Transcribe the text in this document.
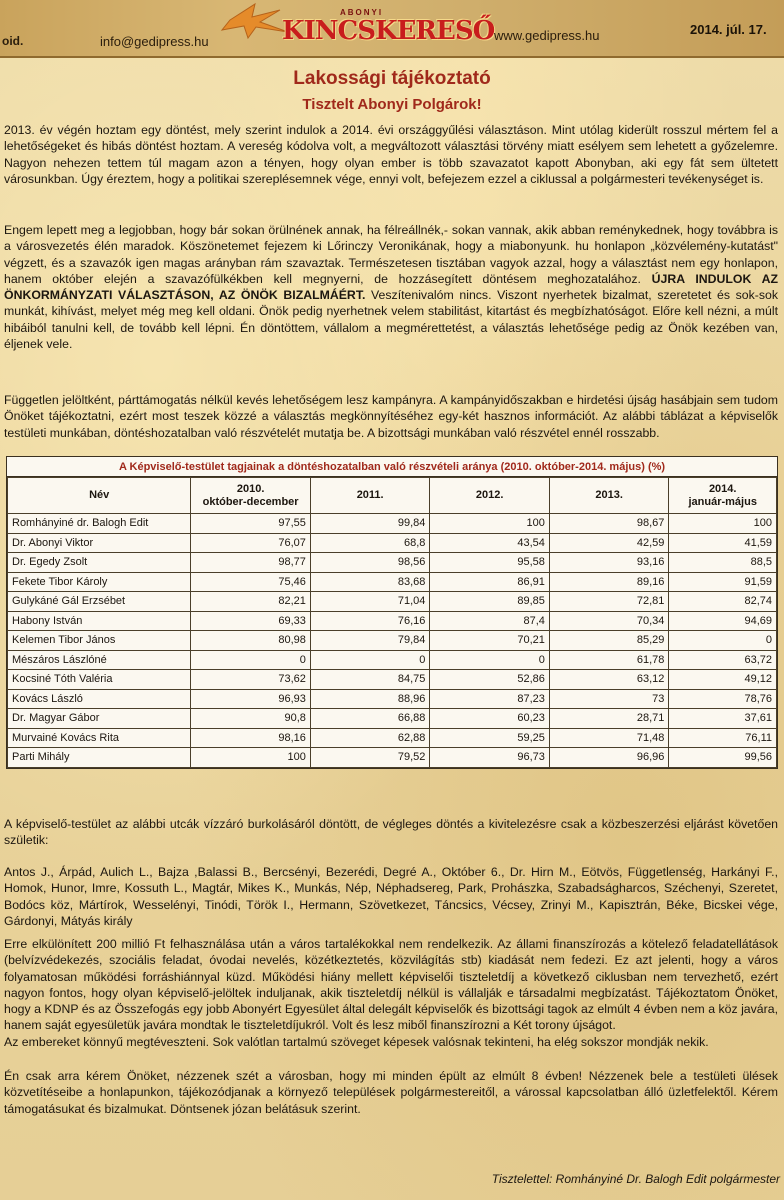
oid.	info@gedipress.hu
ABONYI
KINCSKERESŐ www.gedipress.hu	2014. júl. 17.
Lakossági tájékoztató
Tisztelt Abonyi Polgárok!

2013. év végén hoztam egy döntést, mely szerint indulok a 2014. évi országgyűlési választáson. Mint utólag kiderült rosszul mértem fel a lehetőségeket és hibás döntést hoztam. A vereség kódolva volt, a megváltozott választási törvény miatt esélyem sem lehetett a győzelemre. Nagyon nehezen tettem túl magam azon a tényen, hogy olyan ember is több szavazatot kapott Abonyban, aki egy fát sem ültetett városunkban. Úgy éreztem, hogy a politikai szereplésemnek vége, ennyi volt, befejezem ezzel a ciklussal a polgármesteri tevékenységet is.

Engem lepett meg a legjobban, hogy bár sokan örülnének annak, ha félreállnék,- sokan vannak, akik abban reménykednek, hogy továbbra is a városvezetés élén maradok. Köszönetemet fejezem ki Lőrinczy Veronikának, hogy a miabonyunk. hu honlapon „közvélemény-kutatást" végzett, és a szavazók igen magas arányban rám szavaztak. Természetesen tisztában vagyok azzal, hogy a választást nem egy honlapon, hanem október elején a szavazófülkékben kell megnyerni, de hozzásegített döntésem meghozatalához. ÚJRA INDULOK AZ ÖNKORMÁNYZATI VÁLASZTÁSON, AZ ÖNÖK BIZALMÁÉRT. Veszítenivalóm nincs. Viszont nyerhetek bizalmat, szeretetet és sok-sok munkát, kihívást, melyet még meg kell oldani. Önök pedig nyerhetnek velem stabilitást, kitartást és megbízhatóságot. Előre kell nézni, a múlt hibáiból tanulni kell, de tovább kell lépni. Én döntöttem, vállalom a megmérettetést, a választás lehetősége pedig az Önök kezében van, éljenek vele.

Független jelöltként, párttámogatás nélkül kevés lehetőségem lesz kampányra. A kampányidőszakban e hirdetési újság hasábjain sem tudom Önöket tájékoztatni, ezért most teszek közzé a választás megkönnyítéséhez egy-két hasznos információt. Az alábbi táblázat a képviselők testületi munkában, döntéshozatalban való részvételét mutatja be. A bizottsági munkában való részvétel ennél rosszabb.

A Képviselő-testület tagjainak a döntéshozatalban való részvételi aránya (2010. október-2014. május) (%)
Név	2010.
október-december	2011.	2012.	2013.	2014.
január-május
Romhányiné dr. Balogh Edit	97,55	99,84	100	98,67	100
Dr. Abonyi Viktor	76,07	68,8	43,54	42,59	41,59
Dr. Egedy Zsolt	98,77	98,56	95,58	93,16	88,5
Fekete Tibor Károly	75,46	83,68	86,91	89,16	91,59
Gulykáné Gál Erzsébet	82,21	71,04	89,85	72,81	82,74
Habony István	69,33	76,16	87,4	70,34	94,69
Kelemen Tibor János	80,98	79,84	70,21	85,29	0
Mészáros Lászlóné	0	0	0	61,78	63,72
Kocsiné Tóth Valéria	73,62	84,75	52,86	63,12	49,12
Kovács László	96,93	88,96	87,23	73	78,76
Dr. Magyar Gábor	90,8	66,88	60,23	28,71	37,61
Murvainé Kovács Rita	98,16	62,88	59,25	71,48	76,11
Parti Mihály	100	79,52	96,73	96,96	99,56

A képviselő-testület az alábbi utcák vízzáró burkolásáról döntött, de végleges döntés a kivitelezésre csak a közbeszerzési eljárást követően születik:

Antos J., Árpád, Aulich L., Bajza ,Balassi B., Bercsényi, Bezerédi, Degré A., Október 6., Dr. Hirn M., Eötvös, Függetlenség, Harkányi F., Homok, Hunor, Imre, Kossuth L., Magtár, Mikes K., Munkás, Nép, Néphadsereg, Park, Prohászka, Szabadságharcos, Széchenyi, Szeretet, Bodócs köz, Mártírok, Wesselényi, Tinódi, Török I., Hermann, Szövetkezet, Táncsics, Vécsey, Zrinyi M., Kapisztrán, Béke, Bicskei vége, Gárdonyi, Mátyás király

Erre elkülönített 200 millió Ft felhasználása után a város tartalékokkal nem rendelkezik. Az állami finanszírozás a kötelező feladatellátások (belvízvédekezés, szociális feladat, óvodai nevelés, közétkeztetés, közvilágítás stb) kiadását nem fedezi. Ez azt jelenti, hogy a város folyamatosan működési forráshiánnyal küzd. Működési hiány mellett képviselői tiszteletdíj a következő ciklusban nem tervezhető, ezért nagyon fontos, hogy olyan képviselő-jelöltek induljanak, akik tiszteletdíj nélkül is vállalják e társadalmi megbízatást. Tájékoztatom Önöket, hogy a KDNP és az Összefogás egy jobb Abonyért Egyesület által delegált képviselők és bizottsági tagok az elmúlt 4 évben nem a köz javára, hanem saját egyesületük javára mondtak le tiszteletdíjukról. Volt és lesz miből finanszírozni a Két torony újságot.

Az embereket könnyű megtéveszteni. Sok valótlan tartalmú szöveget képesek valósnak tekinteni, ha elég sokszor mondják nekik.

Én csak arra kérem Önöket, nézzenek szét a városban, hogy mi minden épült az elmúlt 8 évben! Nézzenek bele a testületi ülések közvetítéseibe a honlapunkon, tájékozódjanak a környező települések polgármestereitől, a várossal kapcsolatban álló üzletfelektől. Kérem támogatásukat és bizalmukat. Döntsenek józan belátásuk szerint.

Tisztelettel: Romhányiné Dr. Balogh Edit polgármester
